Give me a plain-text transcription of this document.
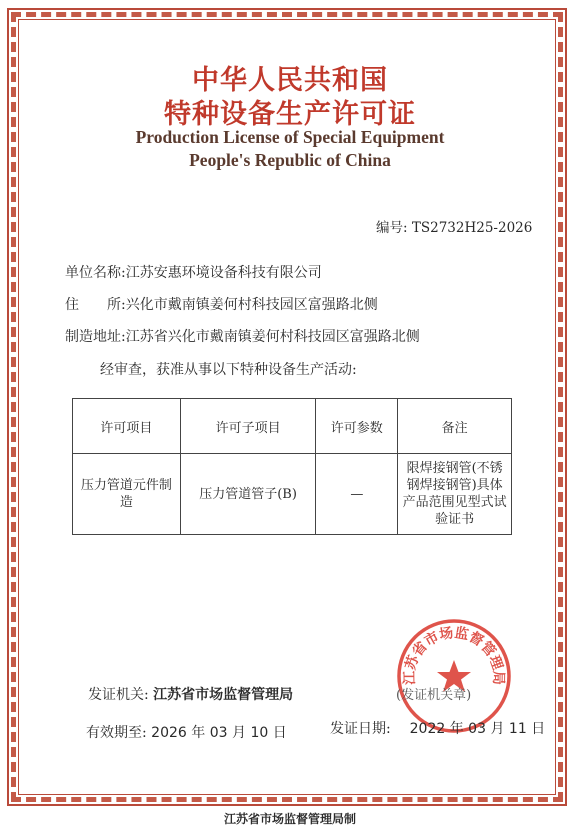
中华人民共和国
特种设备生产许可证
Production License of Special Equipment
People's Republic of China
编号: TS2732H25-2026
单位名称:江苏安惠环境设备科技有限公司
住　　所:兴化市戴南镇姜何村科技园区富强路北侧
制造地址:江苏省兴化市戴南镇姜何村科技园区富强路北侧
经审查，获准从事以下特种设备生产活动:
许可项目	许可子项目	许可参数	备注
压力管道元件制造	压力管道管子(B)	—	限焊接钢管(不锈钢焊接钢管)具体产品范围见型式试验证书
江苏省市场监督管理局
发证机关: 江苏省市场监督管理局	(发证机关章)
有效期至: 2026 年 03 月 10 日	发证日期: 2022 年 03 月 11 日
江苏省市场监督管理局制
